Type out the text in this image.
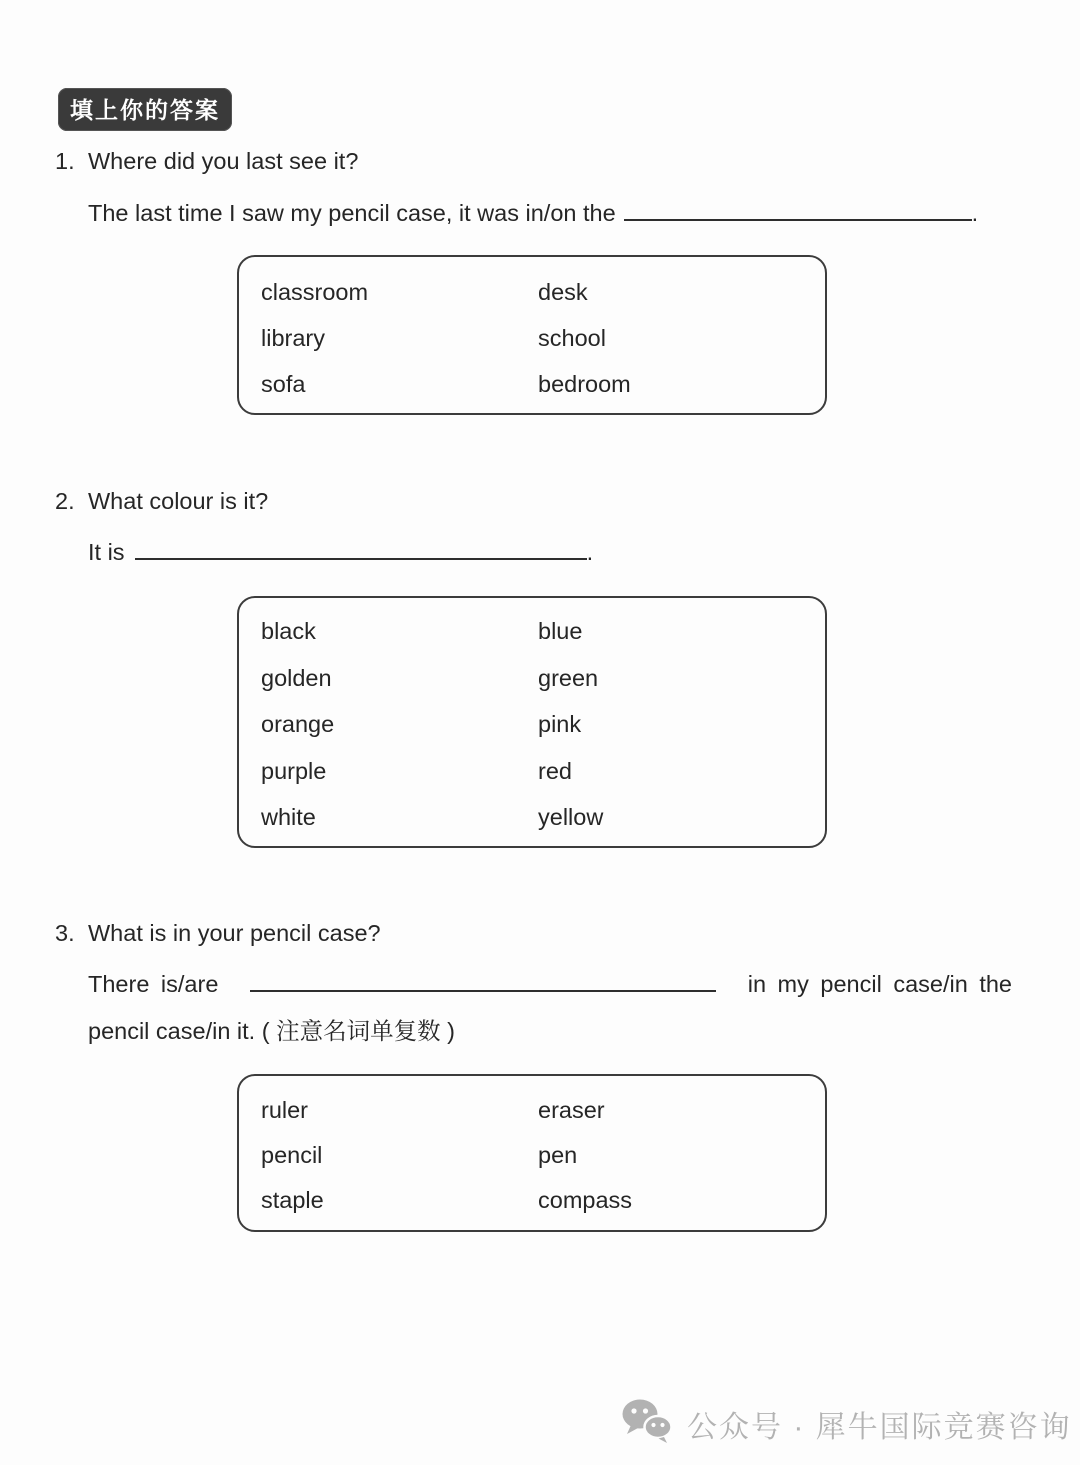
填上你的答案
1. Where did you last see it?
The last time I saw my pencil case, it was in/on the	.
classroom	desk
library	school
sofa	bedroom
2. What colour is it?
It is	.
black	blue
golden	green
orange	pink
purple	red
white	yellow
3. What is in your pencil case?
There is/are	in my pencil case/in the
pencil case/in it. ( 注意名词单复数 )
ruler	eraser
pencil	pen
staple	compass
公众号 · 犀牛国际竞赛咨询
